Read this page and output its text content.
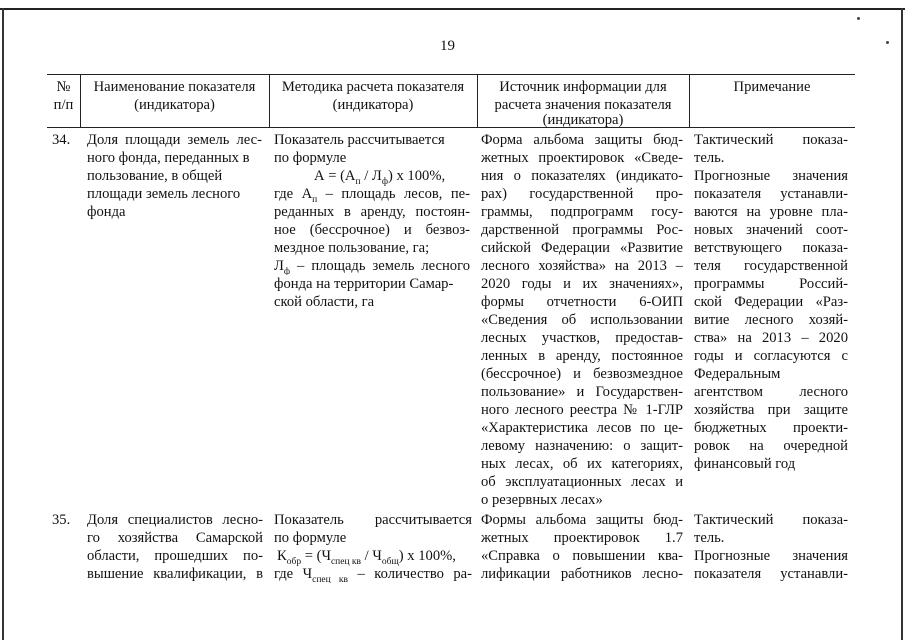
19
№
п/п
Наименование показателя
(индикатора)
Методика расчета показателя
(индикатора)
Источник информации для
расчета значения показателя
(индикатора)
Примечание
34. Доля площади земель лес-
ного фонда, переданных в
пользование, в общей
площади земель лесного
фонда
Показатель рассчитывается
по формуле
$А = (А_п / Л_ф)$ х 100%,
где $А_п$ – площадь лесов, пе-
реданных в аренду, постоян-
ное (бессрочное) и безвоз-
мездное пользование, га;
$Л_ф$ – площадь земель лесного
фонда на территории Самар-
ской области, га
Форма альбома защиты бюд-
жетных проектировок «Сведе-
ния о показателях (индикато-
рах) государственной про-
граммы, подпрограмм госу-
дарственной программы Рос-
сийской Федерации «Развитие
лесного хозяйства» на 2013 –
2020 годы и их значениях»,
формы отчетности 6-ОИП
«Сведения об использовании
лесных участков, предостав-
ленных в аренду, постоянное
(бессрочное) и безвозмездное
пользование» и Государствен-
ного лесного реестра № 1-ГЛР
«Характеристика лесов по це-
левому назначению: о защит-
ных лесах, об их категориях,
об эксплуатационных лесах и
о резервных лесах»
Тактический показа-
тель.
Прогнозные значения
показателя устанавли-
ваются на уровне пла-
новых значений соот-
ветствующего показа-
теля государственной
программы Россий-
ской Федерации «Раз-
витие лесного хозяй-
ства» на 2013 – 2020
годы и согласуются с
Федеральным
агентством лесного
хозяйства при защите
бюджетных проекти-
ровок на очередной
финансовый год
35. Доля специалистов лесно-
го хозяйства Самарской
области, прошедших по-
вышение квалификации, в
Показатель рассчитывается
по формуле
$К_{обр} = (Ч_{спец кв} / Ч_{общ})$ х 100%,
где $Ч_{спец кв}$ – количество ра-
Формы альбома защиты бюд-
жетных проектировок 1.7
«Справка о повышении ква-
лификации работников лесно-
Тактический показа-
тель.
Прогнозные значения
показателя устанавли-
